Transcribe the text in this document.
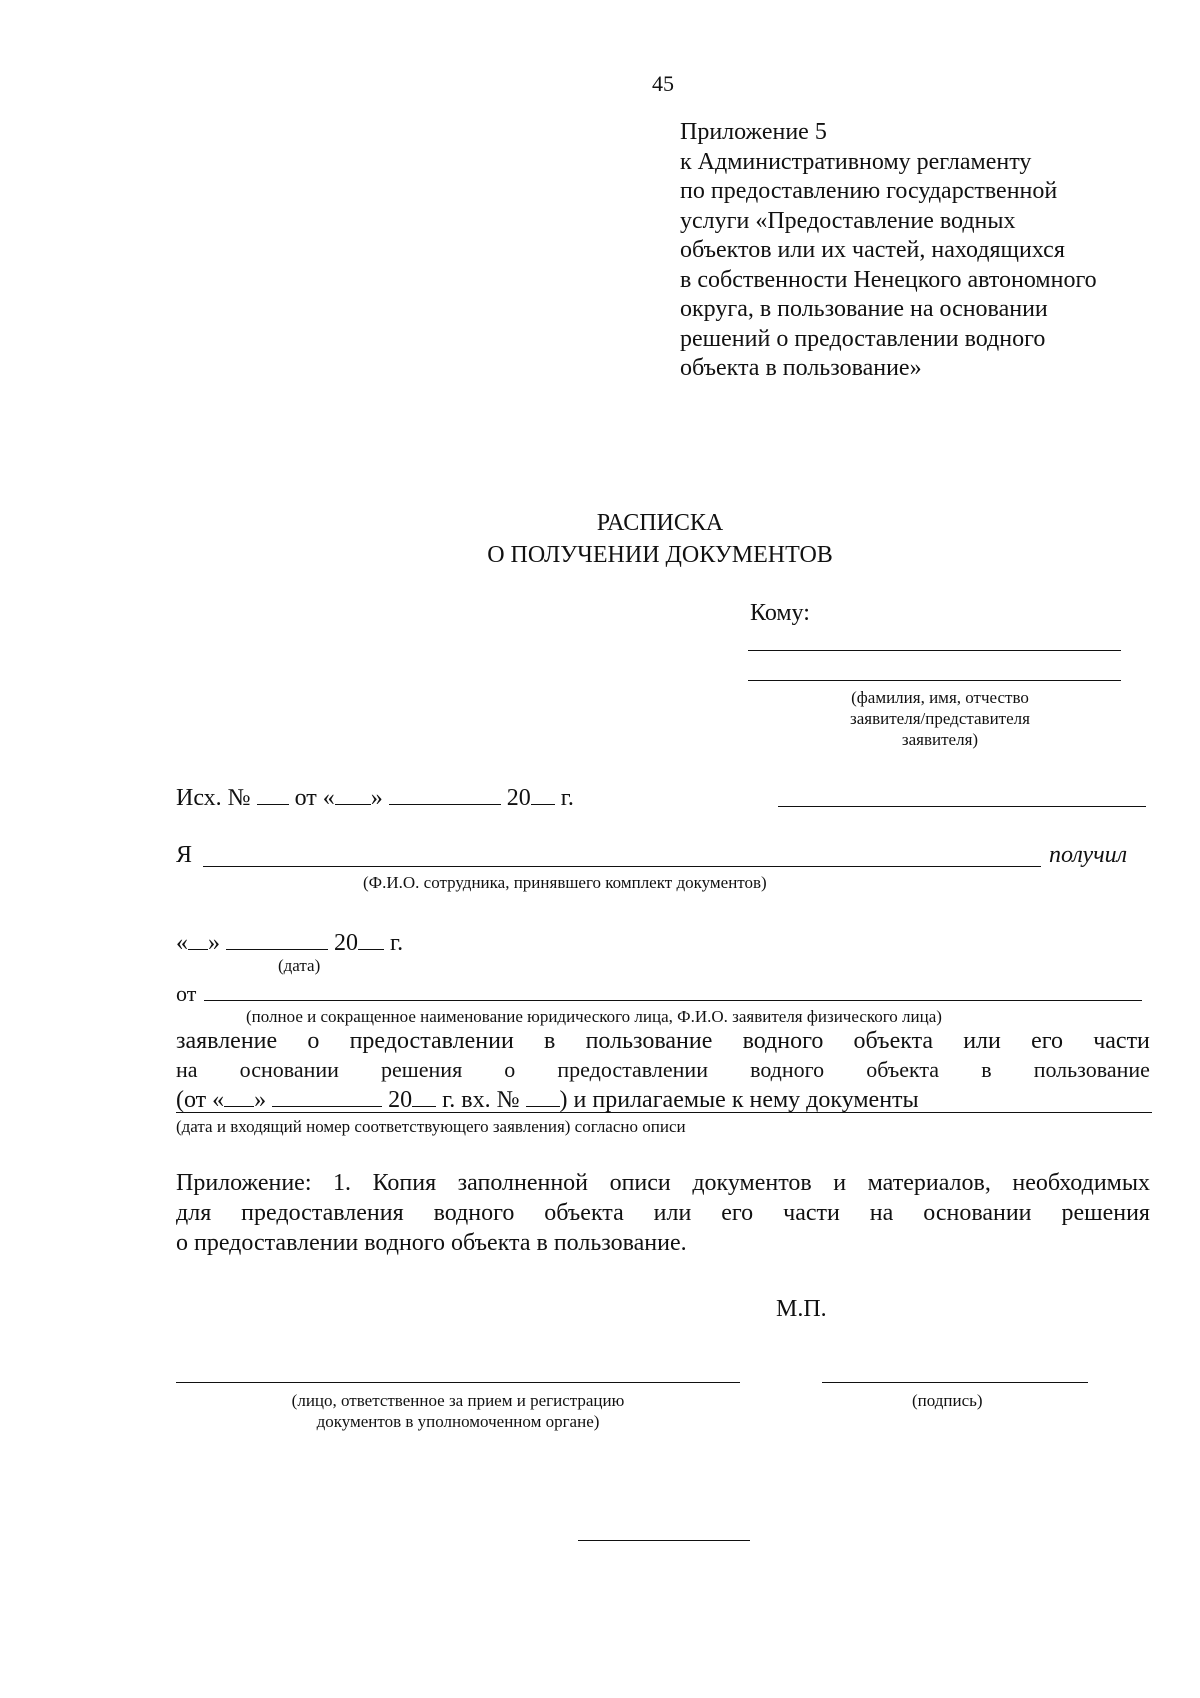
45
Приложение 5
к Административному регламенту
по предоставлению государственной
услуги «Предоставление водных
объектов или их частей, находящихся
в собственности Ненецкого автономного
округа, в пользование на основании
решений о предоставлении водного
объекта в пользование»
РАСПИСКА
О ПОЛУЧЕНИИ ДОКУМЕНТОВ
Кому:
(фамилия, имя, отчество
заявителя/представителя
заявителя)
Исх. № от « »	20 г.
Я	получил
(Ф.И.О. сотрудника, принявшего комплект документов)
« »	20 г.
(дата)
от
(полное и сокращенное наименование юридического лица, Ф.И.О. заявителя физического лица)
заявление о предоставлении в пользование водного объекта или его части
на основании решения о предоставлении водного объекта в пользование
(от « »	20 г. вх. № ) и прилагаемые к нему документы
(дата и входящий номер соответствующего заявления) согласно описи
Приложение: 1. Копия заполненной описи документов и материалов, необходимых
для предоставления водного объекта или его части на основании решения
о предоставлении водного объекта в пользование.
М.П.
(лицо, ответственное за прием и регистрацию
документов в уполномоченном органе)
(подпись)
